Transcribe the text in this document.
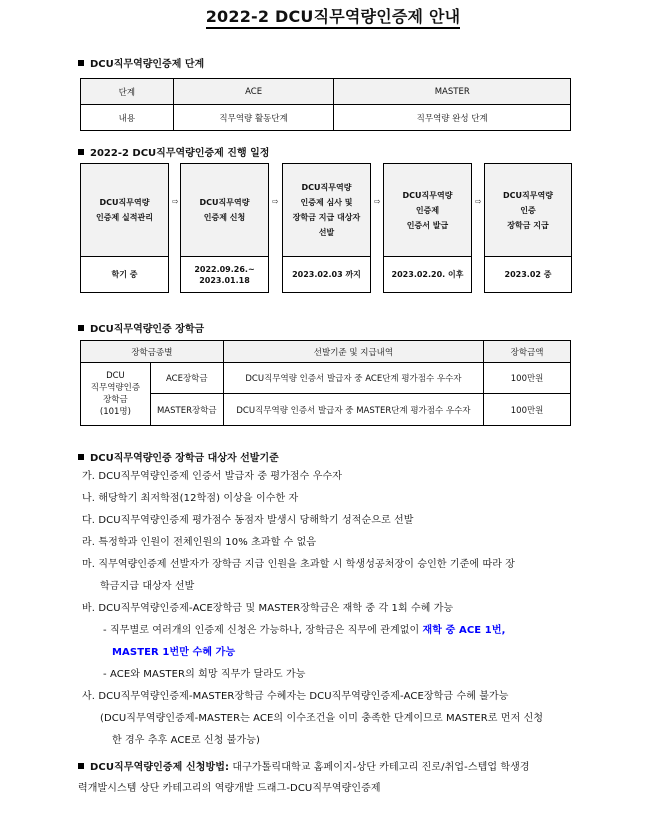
2022-2 DCU직무역량인증제 안내
DCU직무역량인증제 단계
단계	ACE	MASTER
내용	직무역량 활동단계	직무역량 완성 단계
2022-2 DCU직무역량인증제 진행 일정
DCU직무역량
인증제 실적관리
학기 중
⇨	DCU직무역량
인증제 신청
2022.09.26.~
2023.01.18
⇨
DCU직무역량
인증제 심사 및
장학금 지급 대상자
선발
2023.02.03 까지
⇨
DCU직무역량
인증제
인증서 발급
2023.02.20. 이후
⇨
DCU직무역량
인증
장학금 지급
2023.02 중
DCU직무역량인증 장학금
장학금종별		선발기준 및 지급내역	장학금액
DCU
직무역량인증
장학금
(101명)	ACE장학금	DCU직무역량 인증서 발급자 중 ACE단계 평가점수 우수자	100만원
	MASTER장학금	DCU직무역량 인증서 발급자 중 MASTER단계 평가점수 우수자	100만원
DCU직무역량인증 장학금 대상자 선발기준
가. DCU직무역량인증제 인증서 발급자 중 평가점수 우수자
나. 해당학기 최저학점(12학점) 이상을 이수한 자
다. DCU직무역량인증제 평가점수 동점자 발생시 당해학기 성적순으로 선발
라. 특정학과 인원이 전체인원의 10% 초과할 수 없음
마. 직무역량인증제 선발자가 장학금 지급 인원을 초과할 시 학생성공처장이 승인한 기준에 따라 장
학금지급 대상자 선발
바. DCU직무역량인증제-ACE장학금 및 MASTER장학금은 재학 중 각 1회 수혜 가능
- 직무별로 여러개의 인증제 신청은 가능하나, 장학금은 직무에 관계없이 재학 중 ACE 1번,
MASTER 1번만 수혜 가능
- ACE와 MASTER의 희망 직무가 달라도 가능
사. DCU직무역량인증제-MASTER장학금 수혜자는 DCU직무역량인증제-ACE장학금 수혜 불가능
(DCU직무역량인증제-MASTER는 ACE의 이수조건을 이미 충족한 단계이므로 MASTER로 먼저 신청
한 경우 추후 ACE로 신청 불가능)
DCU직무역량인증제 신청방법: 대구가톨릭대학교 홈페이지-상단 카테고리 진로/취업-스텝업 학생경
력개발시스템 상단 카테고리의 역량개발 드래그-DCU직무역량인증제
